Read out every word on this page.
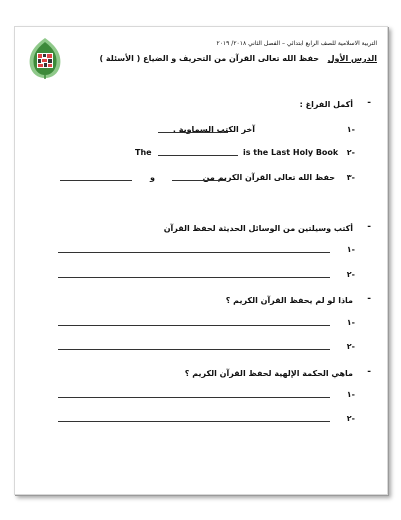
التربية الاسلامية للصف الرابع ابتدائي – الفصل الثاني ٢٠١٨/ ٢٠١٩
الدرس الأول
حفظ الله تعالى القرآن من التحريف و الضياع ( الأسئلة )
-
أكمل الفراغ :
-١
آخر الكتب السماوية .
-٢
The	is the Last Holy Book
-٣
حفظ الله تعالى القرآن الكريم من
و
-
أكتب وسيلتين من الوسائل الحديثة لحفظ القرآن
-١
-٢
-
ماذا لو لم يحفظ القرآن الكريم ؟
-١
-٢
-
ماهي الحكمة الإلهية لحفظ القرآن الكريم ؟
-١
-٢
